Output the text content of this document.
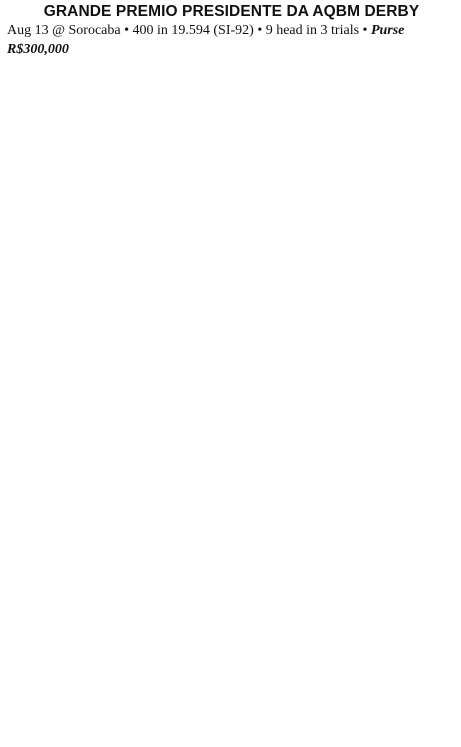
GRANDE PREMIO PRESIDENTE DA AQBM DERBY

Aug 13 @ Sorocaba • 400 in 19.594 (SI-92) • 9 head in 3 trials • Purse
R$300,000
